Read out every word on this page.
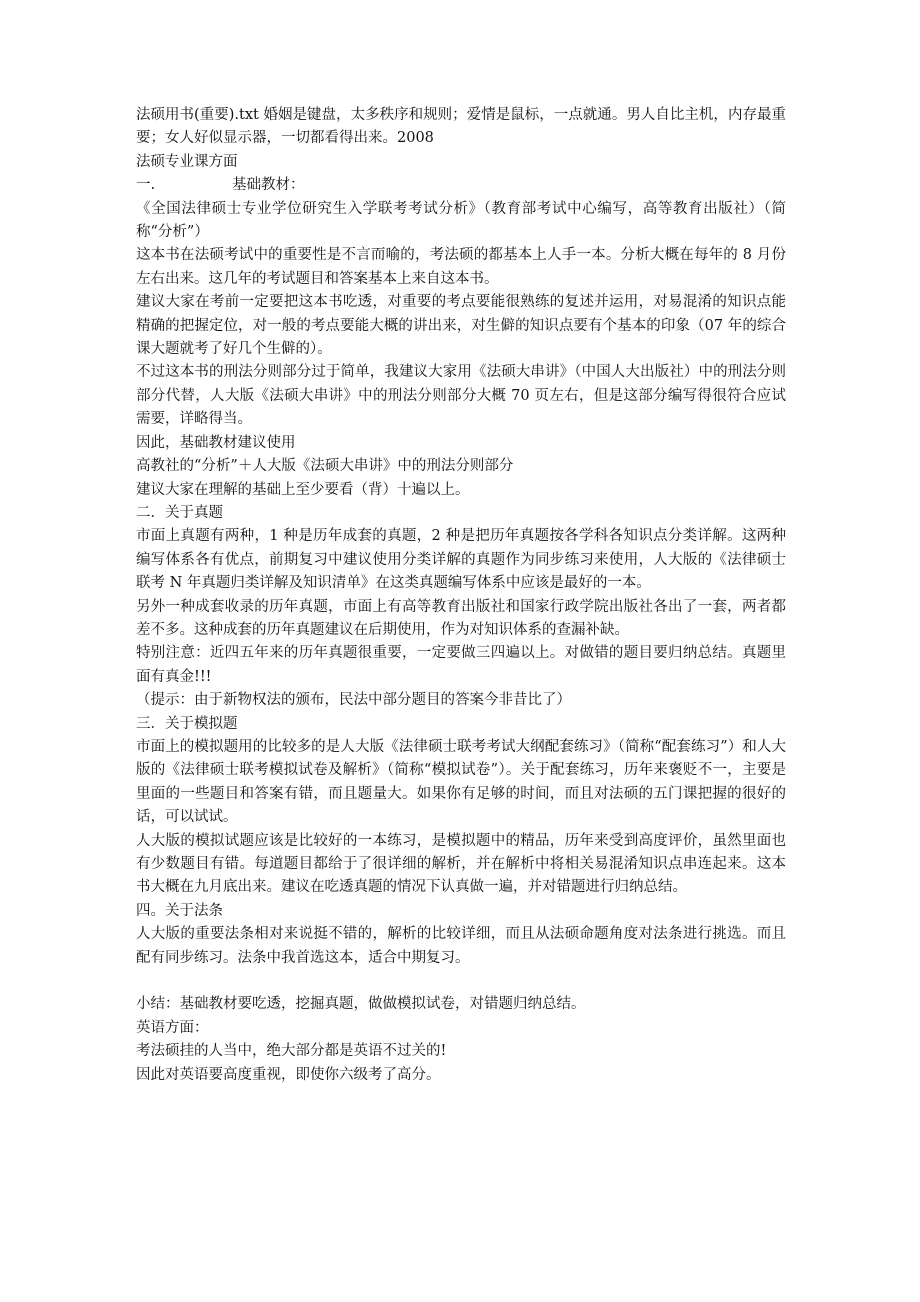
法硕用书(重要).txt 婚姻是键盘，太多秩序和规则；爱情是鼠标，一点就通。男人自比主机，内存最重要；女人好似显示器，一切都看得出来。2008

法硕专业课方面

一.	基础教材：

《全国法律硕士专业学位研究生入学联考考试分析》（教育部考试中心编写，高等教育出版社）（简称“分析”）

这本书在法硕考试中的重要性是不言而喻的，考法硕的都基本上人手一本。分析大概在每年的 8 月份左右出来。这几年的考试题目和答案基本上来自这本书。

建议大家在考前一定要把这本书吃透，对重要的考点要能很熟练的复述并运用，对易混淆的知识点能精确的把握定位，对一般的考点要能大概的讲出来，对生僻的知识点要有个基本的印象（07 年的综合课大题就考了好几个生僻的）。

不过这本书的刑法分则部分过于简单，我建议大家用《法硕大串讲》（中国人大出版社）中的刑法分则部分代替，人大版《法硕大串讲》中的刑法分则部分大概 70 页左右，但是这部分编写得很符合应试需要，详略得当。

因此，基础教材建议使用

高教社的“分析”＋人大版《法硕大串讲》中的刑法分则部分

建议大家在理解的基础上至少要看（背）十遍以上。

二．关于真题

市面上真题有两种，1 种是历年成套的真题，2 种是把历年真题按各学科各知识点分类详解。这两种编写体系各有优点，前期复习中建议使用分类详解的真题作为同步练习来使用，人大版的《法律硕士联考 N 年真题归类详解及知识清单》在这类真题编写体系中应该是最好的一本。

另外一种成套收录的历年真题，市面上有高等教育出版社和国家行政学院出版社各出了一套，两者都差不多。这种成套的历年真题建议在后期使用，作为对知识体系的查漏补缺。

特别注意：近四五年来的历年真题很重要，一定要做三四遍以上。对做错的题目要归纳总结。真题里面有真金!!!

（提示：由于新物权法的颁布，民法中部分题目的答案今非昔比了）

三．关于模拟题

市面上的模拟题用的比较多的是人大版《法律硕士联考考试大纲配套练习》（简称“配套练习”）和人大版的《法律硕士联考模拟试卷及解析》（简称“模拟试卷”）。关于配套练习，历年来褒贬不一，主要是里面的一些题目和答案有错，而且题量大。如果你有足够的时间，而且对法硕的五门课把握的很好的话，可以试试。

人大版的模拟试题应该是比较好的一本练习，是模拟题中的精品，历年来受到高度评价，虽然里面也有少数题目有错。每道题目都给于了很详细的解析，并在解析中将相关易混淆知识点串连起来。这本书大概在九月底出来。建议在吃透真题的情况下认真做一遍，并对错题进行归纳总结。

四。关于法条

人大版的重要法条相对来说挺不错的，解析的比较详细，而且从法硕命题角度对法条进行挑选。而且配有同步练习。法条中我首选这本，适合中期复习。

小结：基础教材要吃透，挖掘真题，做做模拟试卷，对错题归纳总结。

英语方面：

考法硕挂的人当中，绝大部分都是英语不过关的!

因此对英语要高度重视，即使你六级考了高分。
